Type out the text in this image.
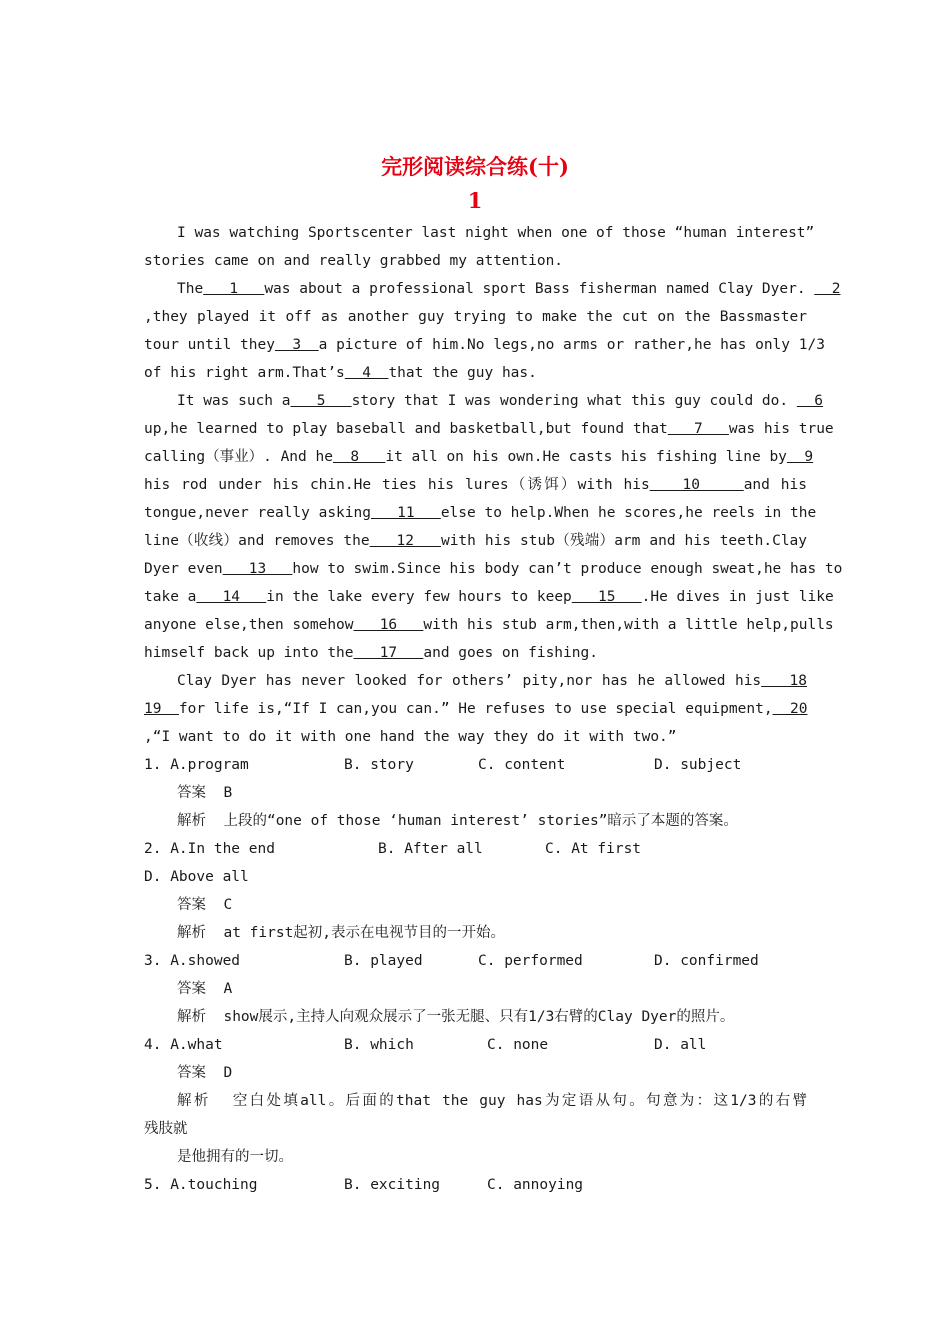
完形阅读综合练(十)
1
I was watching Sportscenter last night when one of those “human interest”
stories came on and really grabbed my attention.
The   1   was about a professional sport Bass fisherman named Clay Dyer.   2
,they played it off as another guy trying to make the cut on the Bassmaster
tour until they  3  a picture of him.No legs,no arms or rather,he has only 1/3
of his right arm.That’s  4  that the guy has.
It was such a   5   story that I was wondering what this guy could do.   6
up,he learned to play baseball and basketball,but found that   7   was his true
calling（事业）. And he  8   it all on his own.He casts his fishing line by  9
his rod under his chin.He ties his lures（诱饵）with his   10    and his
tongue,never really asking   11   else to help.When he scores,he reels in the
line（收线）and removes the   12   with his stub（残端）arm and his teeth.Clay
Dyer even   13   how to swim.Since his body can’t produce enough sweat,he has to
take a   14   in the lake every few hours to keep   15   .He dives in just like
anyone else,then somehow   16   with his stub arm,then,with a little help,pulls
himself back up into the   17   and goes on fishing.
Clay Dyer has never looked for others’ pity,nor has he allowed his   18
19  for life is,“If I can,you can.” He refuses to use special equipment,  20
,“I want to do it with one hand the way they do it with two.”
1. A.program	B. story	C. content	D. subject
答案 B
解析 上段的“one of those ‘human interest’ stories”暗示了本题的答案。
2. A.In the end	B. After all	C. At first
D. Above all
答案 C
解析 at first起初,表示在电视节目的一开始。
3. A.showed	B. played	C. performed	D. confirmed
答案 A
解析 show展示,主持人向观众展示了一张无腿、只有1/3右臂的Clay Dyer的照片。
4. A.what	B. which	C. none	D. all
答案 D
解析 空白处填all。后面的that the guy has为定语从句。句意为：这1/3的右臂
残肢就
是他拥有的一切。
5. A.touching	B. exciting	C. annoying
